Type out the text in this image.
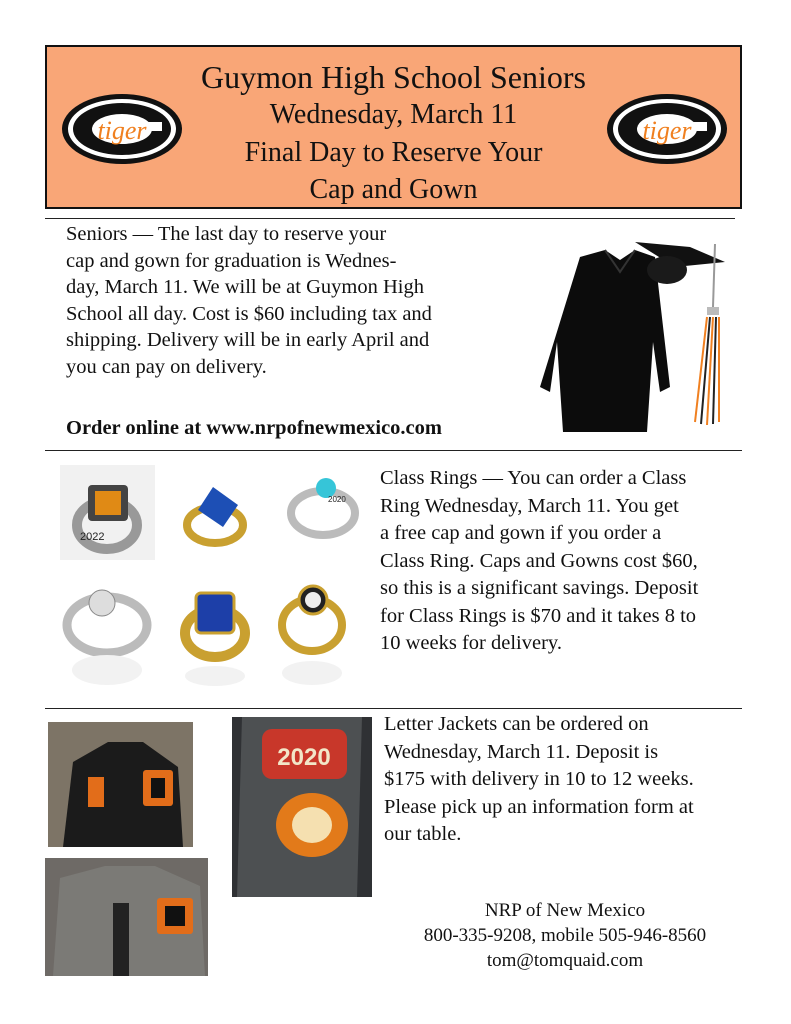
Guymon High School Seniors
Wednesday, March 11
Final Day to Reserve Your
Cap and Gown
tiger	tiger
Seniors — The last day to reserve your
cap and gown for graduation is Wednes-
day, March 11. We will be at Guymon High
School all day. Cost is $60 including tax and
shipping. Delivery will be in early April and
you can pay on delivery.
Order online at www.nrpofnewmexico.com
2022
2020
Class Rings — You can order a Class
Ring Wednesday, March 11. You get
a free cap and gown if you order a
Class Ring. Caps and Gowns cost $60,
so this is a significant savings. Deposit
for Class Rings is $70 and it takes 8 to
10 weeks for delivery.
2020
Letter Jackets can be ordered on
Wednesday, March 11. Deposit is
$175 with delivery in 10 to 12 weeks.
Please pick up an information form at
our table.
NRP of New Mexico
800-335-9208, mobile 505-946-8560
tom@tomquaid.com
